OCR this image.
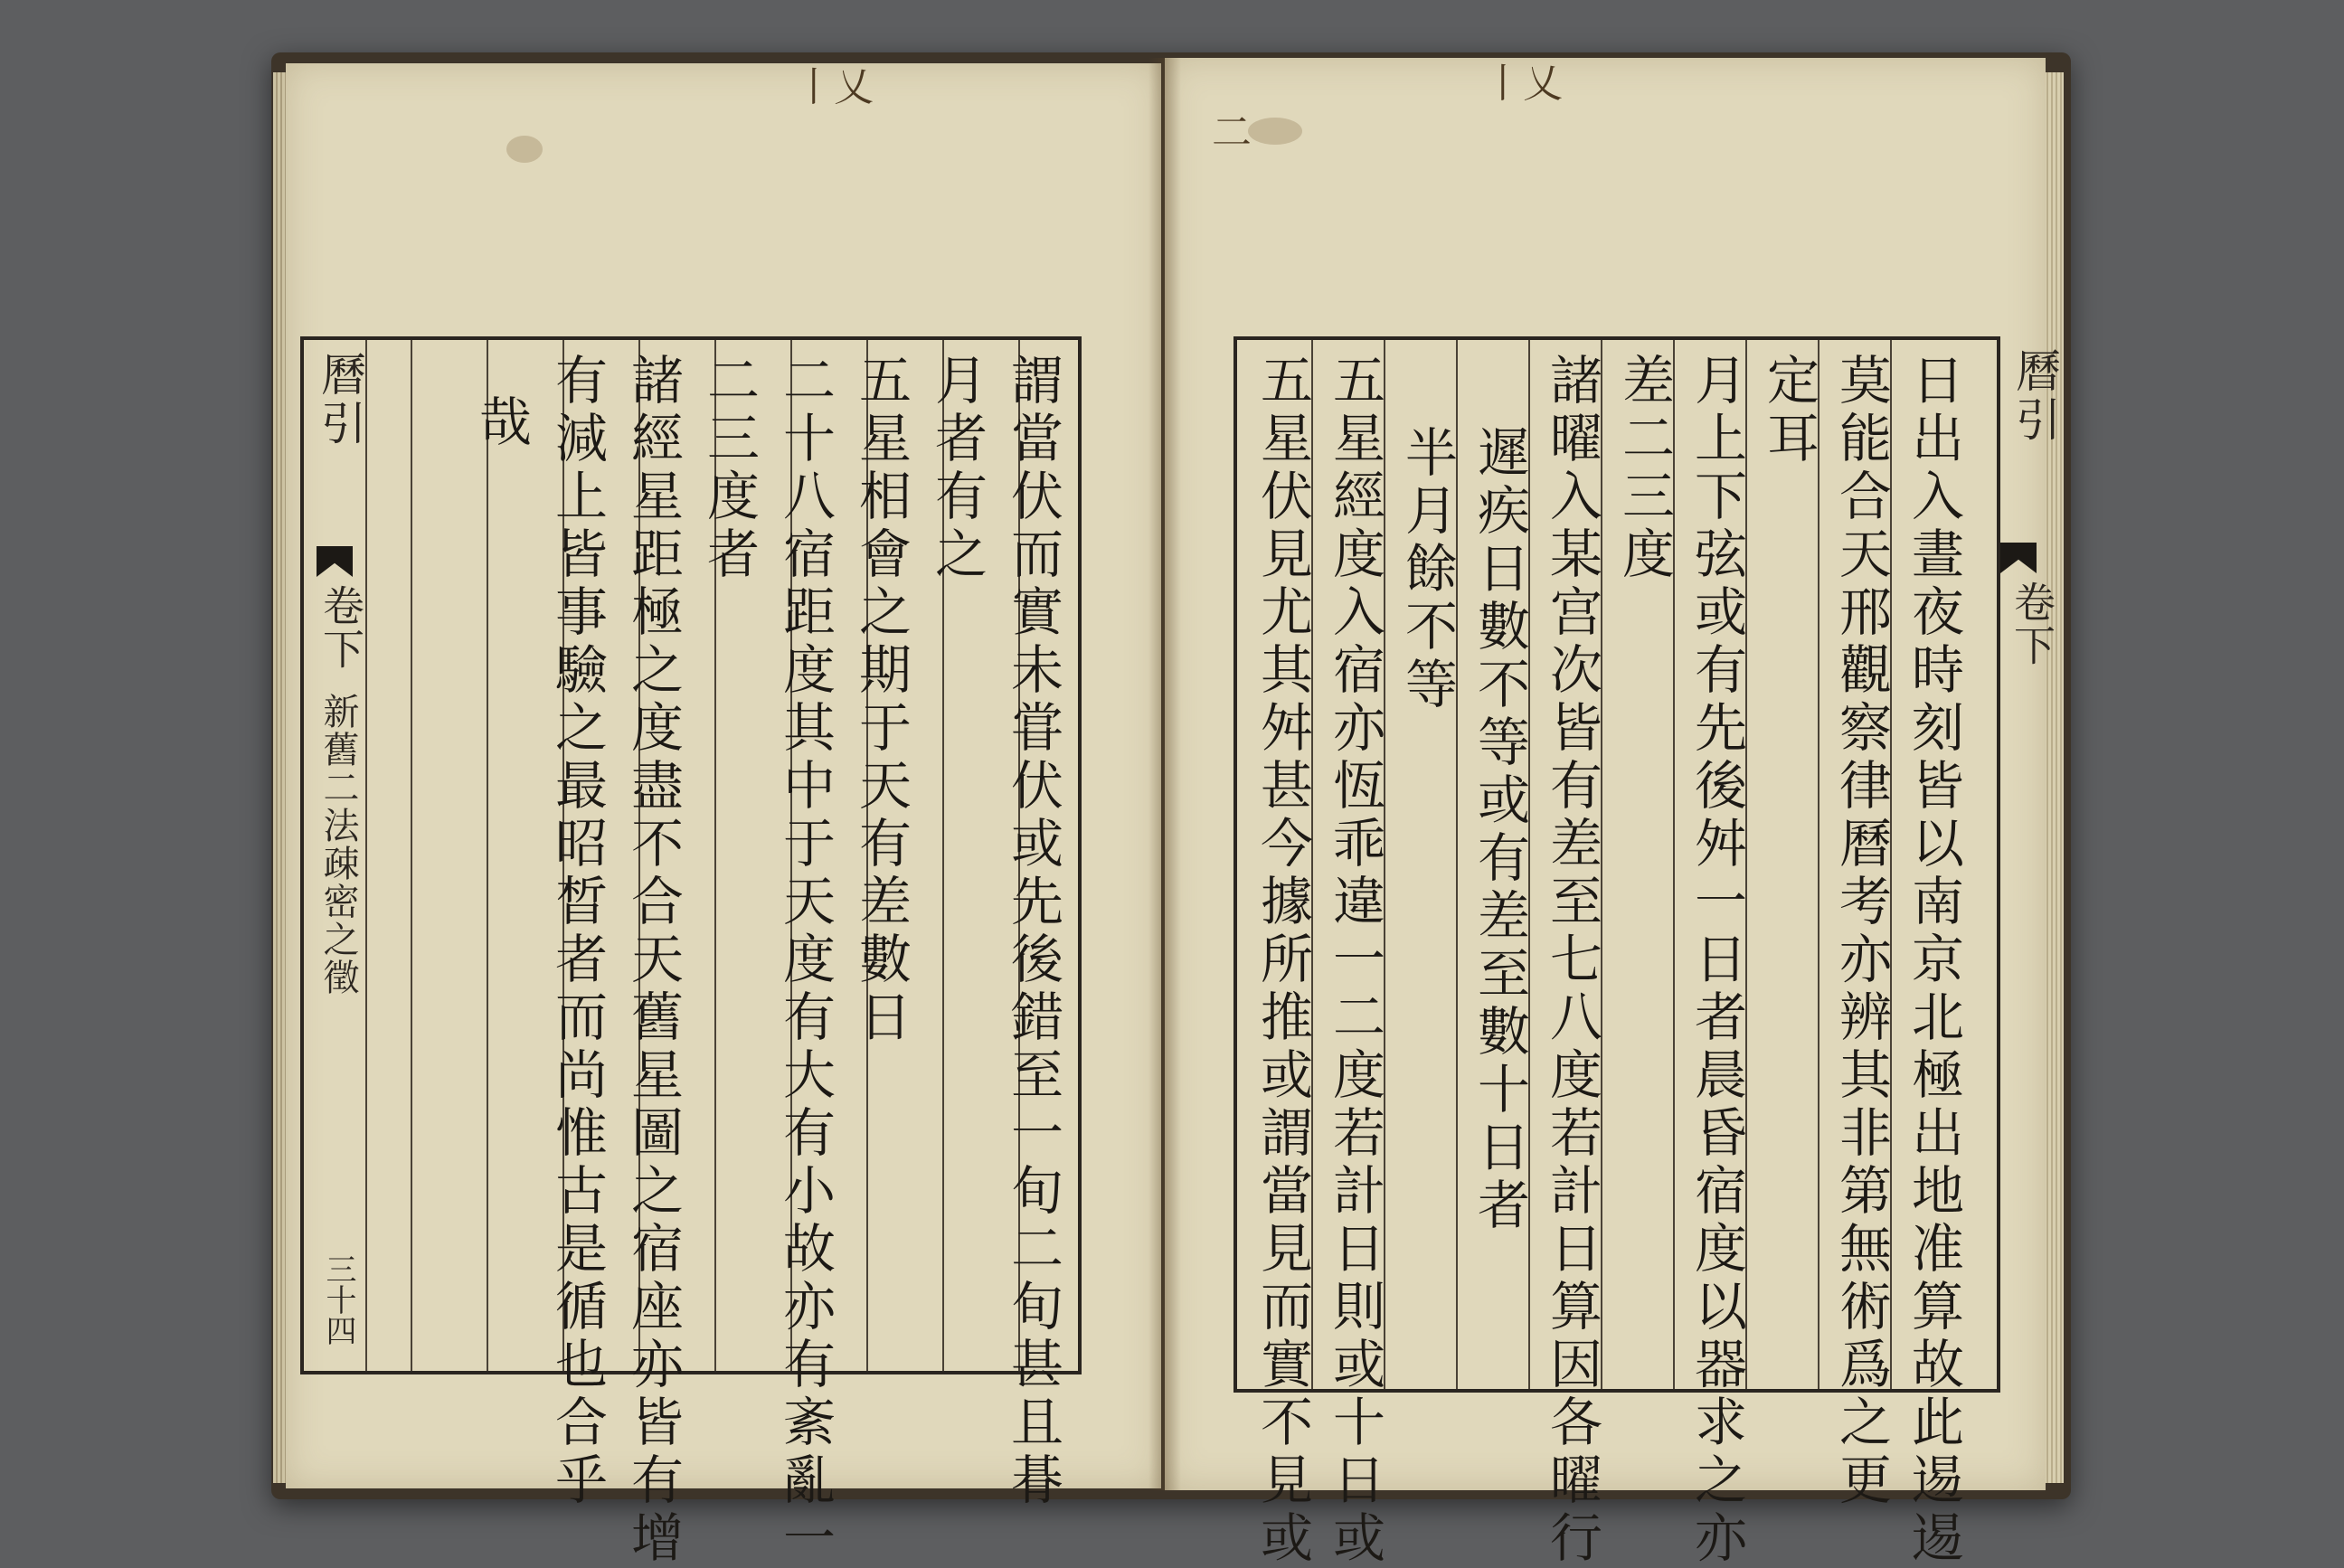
丨乂	丨乂
二
曆引
卷下
新舊二法疎密之徵
三十四	謂當伏而實未甞伏或先後錯至一旬二旬甚且朞
月者有之
五星相會之期于天有差數日
二十八宿距度其中于天度有大有小故亦有紊亂一
二三度者
諸經星距極之度盡不合天舊星圖之宿座亦皆有增
有減上皆事驗之最昭晳者而尚惟古是循也合乎
哉	日出入晝夜時刻皆以南京北極出地准算故此逷逷
莫能合天邢觀察律曆考亦辨其非第無術爲之更
定耳
月上下弦或有先後舛一日者晨昏宿度以器求之亦
差二三度
諸曜入某宫次皆有差至七八度若計日算因各曜行
遲疾日數不等或有差至數十日者
半月餘不等
五星經度入宿亦恆乖違一二度若計日則或十日或
五星伏見尤其舛甚今據所推或謂當見而實不見或	曆引
卷下
